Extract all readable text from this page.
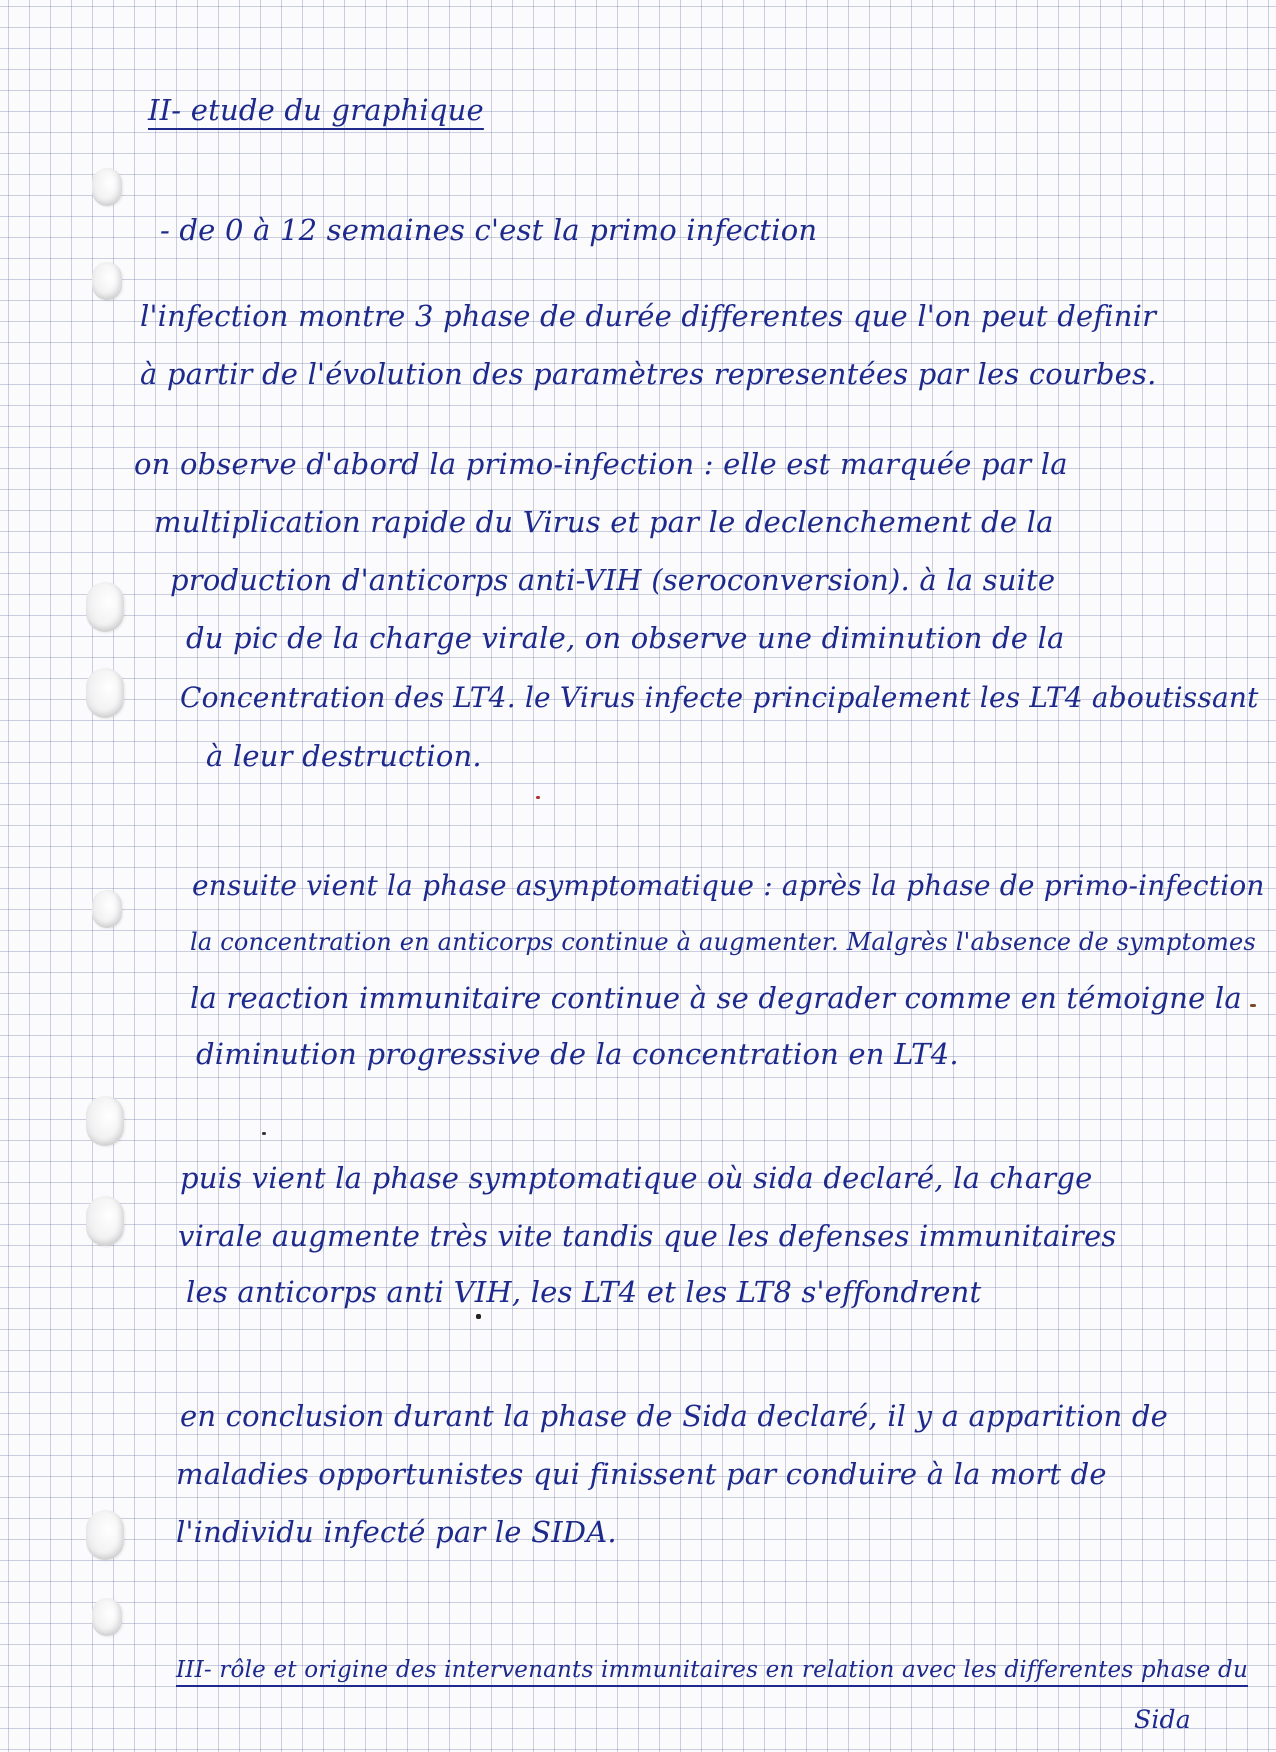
II- etude du graphique

- de 0 à 12 semaines c'est la primo infection

l'infection montre 3 phase de durée differentes que l'on peut definir

à partir de l'évolution des paramètres representées par les courbes.

on observe d'abord la primo-infection : elle est marquée par la

multiplication rapide du Virus et par le declenchement de la

production d'anticorps anti-VIH (seroconversion). à la suite

du pic de la charge virale, on observe une diminution de la

Concentration des LT4. le Virus infecte principalement les LT4 aboutissant

à leur destruction.

ensuite vient la phase asymptomatique : après la phase de primo-infection

la concentration en anticorps continue à augmenter. Malgrès l'absence de symptomes

la reaction immunitaire continue à se degrader comme en témoigne la

diminution progressive de la concentration en LT4.

puis vient la phase symptomatique où sida declaré, la charge

virale augmente très vite tandis que les defenses immunitaires

les anticorps anti VIH, les LT4 et les LT8 s'effondrent

en conclusion durant la phase de Sida declaré, il y a apparition de

maladies opportunistes qui finissent par conduire à la mort de

l'individu infecté par le SIDA.

III- rôle et origine des intervenants immunitaires en relation avec les differentes phase du

Sida
